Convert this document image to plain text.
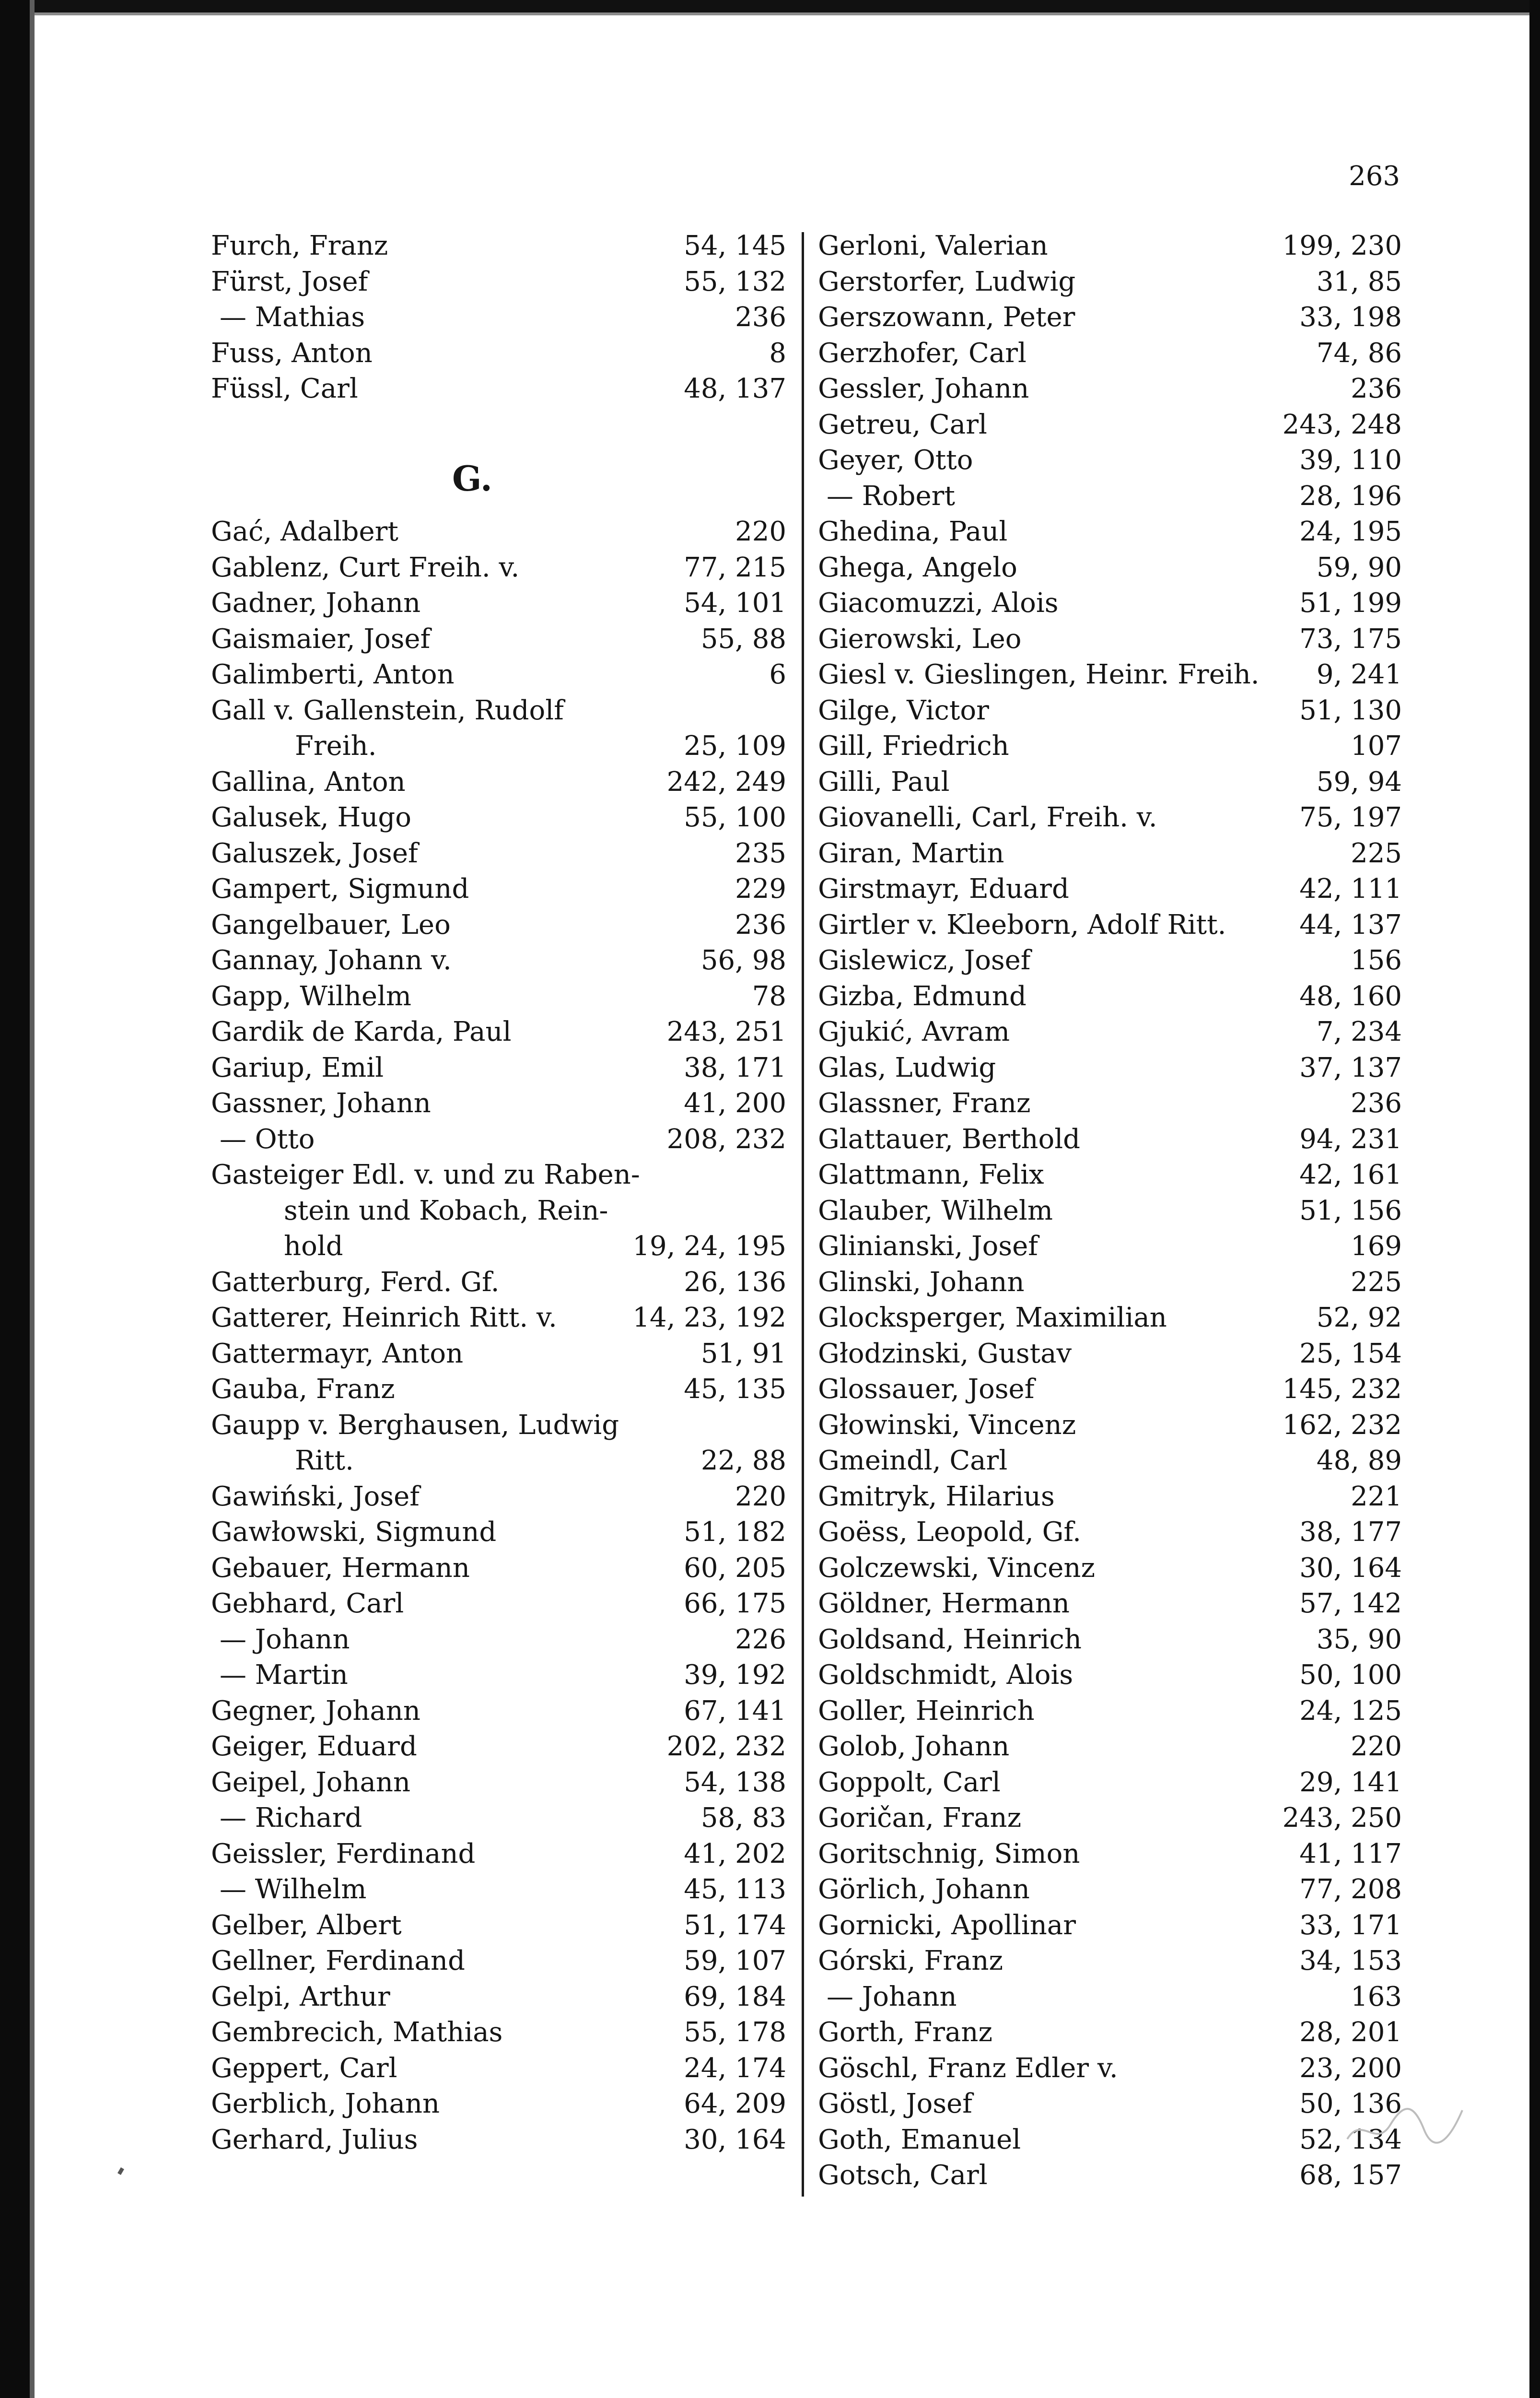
263
Furch, Franz	54, 145
Fürst, Josef	55, 132
— Mathias	236
Fuss, Anton	8
Füssl, Carl	48, 137
G.
Gać, Adalbert	220
Gablenz, Curt Freih. v.	77, 215
Gadner, Johann	54, 101
Gaismaier, Josef	55, 88
Galimberti, Anton	6
Gall v. Gallenstein, Rudolf
Freih.	25, 109
Gallina, Anton	242, 249
Galusek, Hugo	55, 100
Galuszek, Josef	235
Gampert, Sigmund	229
Gangelbauer, Leo	236
Gannay, Johann v.	56, 98
Gapp, Wilhelm	78
Gardik de Karda, Paul	243, 251
Gariup, Emil	38, 171
Gassner, Johann	41, 200
— Otto	208, 232
Gasteiger Edl. v. und zu Raben-
stein und Kobach, Rein-
hold	19, 24, 195
Gatterburg, Ferd. Gf.	26, 136
Gatterer, Heinrich Ritt. v.	14, 23, 192
Gattermayr, Anton	51, 91
Gauba, Franz	45, 135
Gaupp v. Berghausen, Ludwig
Ritt.	22, 88
Gawiński, Josef	220
Gawłowski, Sigmund	51, 182
Gebauer, Hermann	60, 205
Gebhard, Carl	66, 175
— Johann	226
— Martin	39, 192
Gegner, Johann	67, 141
Geiger, Eduard	202, 232
Geipel, Johann	54, 138
— Richard	58, 83
Geissler, Ferdinand	41, 202
— Wilhelm	45, 113
Gelber, Albert	51, 174
Gellner, Ferdinand	59, 107
Gelpi, Arthur	69, 184
Gembrecich, Mathias	55, 178
Geppert, Carl	24, 174
Gerblich, Johann	64, 209
Gerhard, Julius	30, 164
Gerloni, Valerian	199, 230
Gerstorfer, Ludwig	31, 85
Gerszowann, Peter	33, 198
Gerzhofer, Carl	74, 86
Gessler, Johann	236
Getreu, Carl	243, 248
Geyer, Otto	39, 110
— Robert	28, 196
Ghedina, Paul	24, 195
Ghega, Angelo	59, 90
Giacomuzzi, Alois	51, 199
Gierowski, Leo	73, 175
Giesl v. Gieslingen, Heinr. Freih. 9, 241
Gilge, Victor	51, 130
Gill, Friedrich	107
Gilli, Paul	59, 94
Giovanelli, Carl, Freih. v.	75, 197
Giran, Martin	225
Girstmayr, Eduard	42, 111
Girtler v. Kleeborn, Adolf Ritt.	44, 137
Gislewicz, Josef	156
Gizba, Edmund	48, 160
Gjukić, Avram	7, 234
Glas, Ludwig	37, 137
Glassner, Franz	236
Glattauer, Berthold	94, 231
Glattmann, Felix	42, 161
Glauber, Wilhelm	51, 156
Glinianski, Josef	169
Glinski, Johann	225
Glocksperger, Maximilian	52, 92
Głodzinski, Gustav	25, 154
Glossauer, Josef	145, 232
Głowinski, Vincenz	162, 232
Gmeindl, Carl	48, 89
Gmitryk, Hilarius	221
Goëss, Leopold, Gf.	38, 177
Golczewski, Vincenz	30, 164
Göldner, Hermann	57, 142
Goldsand, Heinrich	35, 90
Goldschmidt, Alois	50, 100
Goller, Heinrich	24, 125
Golob, Johann	220
Goppolt, Carl	29, 141
Goričan, Franz	243, 250
Goritschnig, Simon	41, 117
Görlich, Johann	77, 208
Gornicki, Apollinar	33, 171
Górski, Franz	34, 153
— Johann	163
Gorth, Franz	28, 201
Göschl, Franz Edler v.	23, 200
Göstl, Josef	50, 136
Goth, Emanuel	52, 134
Gotsch, Carl	68, 157
